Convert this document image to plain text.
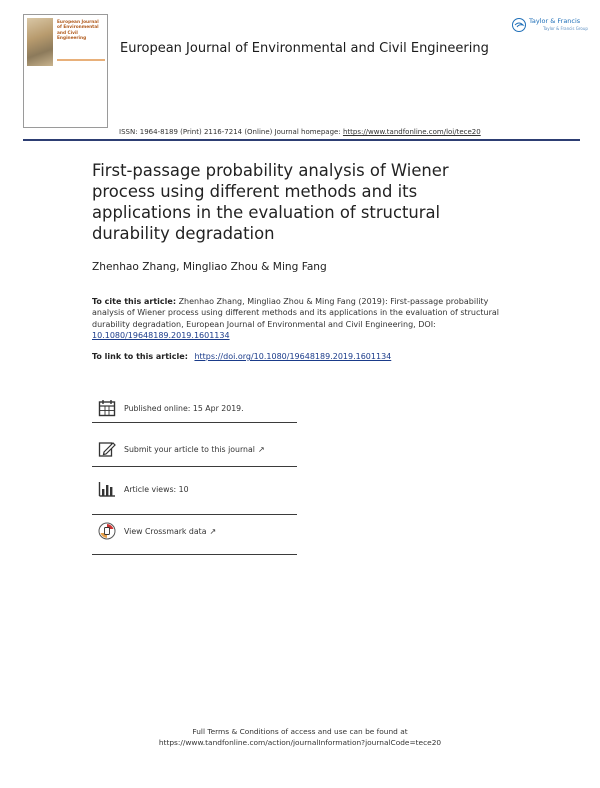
European Journal
of Environmental
and Civil Engineering
European Journal of Environmental and Civil Engineering
Taylor & Francis
Taylor & Francis Group
ISSN: 1964-8189 (Print) 2116-7214 (Online) Journal homepage: https://www.tandfonline.com/loi/tece20
First-passage probability analysis of Wiener process using different methods and its applications in the evaluation of structural durability degradation
Zhenhao Zhang, Mingliao Zhou & Ming Fang
To cite this article: Zhenhao Zhang, Mingliao Zhou & Ming Fang (2019): First-passage probability analysis of Wiener process using different methods and its applications in the evaluation of structural durability degradation, European Journal of Environmental and Civil Engineering, DOI: 10.1080/19648189.2019.1601134
To link to this article: https://doi.org/10.1080/19648189.2019.1601134
Published online: 15 Apr 2019.
Submit your article to this journal ↗
Article views: 10
View Crossmark data ↗
Full Terms & Conditions of access and use can be found at
https://www.tandfonline.com/action/journalInformation?journalCode=tece20
